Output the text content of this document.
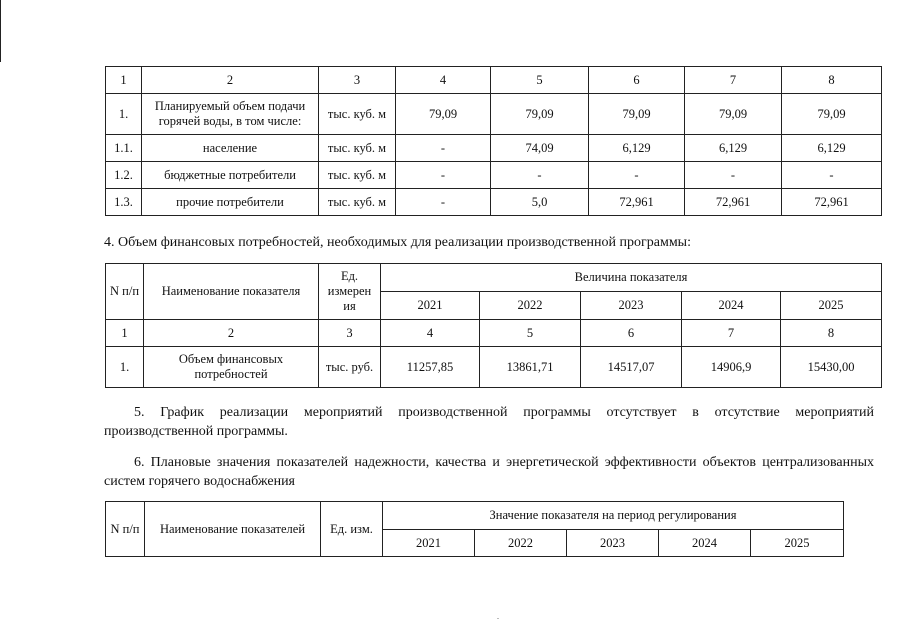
1	2	3	4	5	6	7	8
1.	Планируемый объем подачи горячей воды, в том числе:	тыс. куб. м	79,09	79,09	79,09	79,09	79,09
1.1.	население	тыс. куб. м	-	74,09	6,129	6,129	6,129
1.2.	бюджетные потребители	тыс. куб. м	-	-	-	-	-
1.3.	прочие потребители	тыс. куб. м	-	5,0	72,961	72,961	72,961
4. Объем финансовых потребностей, необходимых для реализации производственной программы:
N п/п	Наименование показателя	Ед. измерен ия	Величина показателя				
			2021	2022	2023	2024	2025
1	2	3	4	5	6	7	8
1.	Объем финансовых потребностей	тыс. руб.	11257,85	13861,71	14517,07	14906,9	15430,00
5. График реализации мероприятий производственной программы отсутствует в отсутствие мероприятий производственной программы.
6. Плановые значения показателей надежности, качества и энергетической эффективности объектов централизованных систем горячего водоснабжения
N п/п	Наименование показателей	Ед. изм.	Значение показателя на период регулирования				
			2021	2022	2023	2024	2025
